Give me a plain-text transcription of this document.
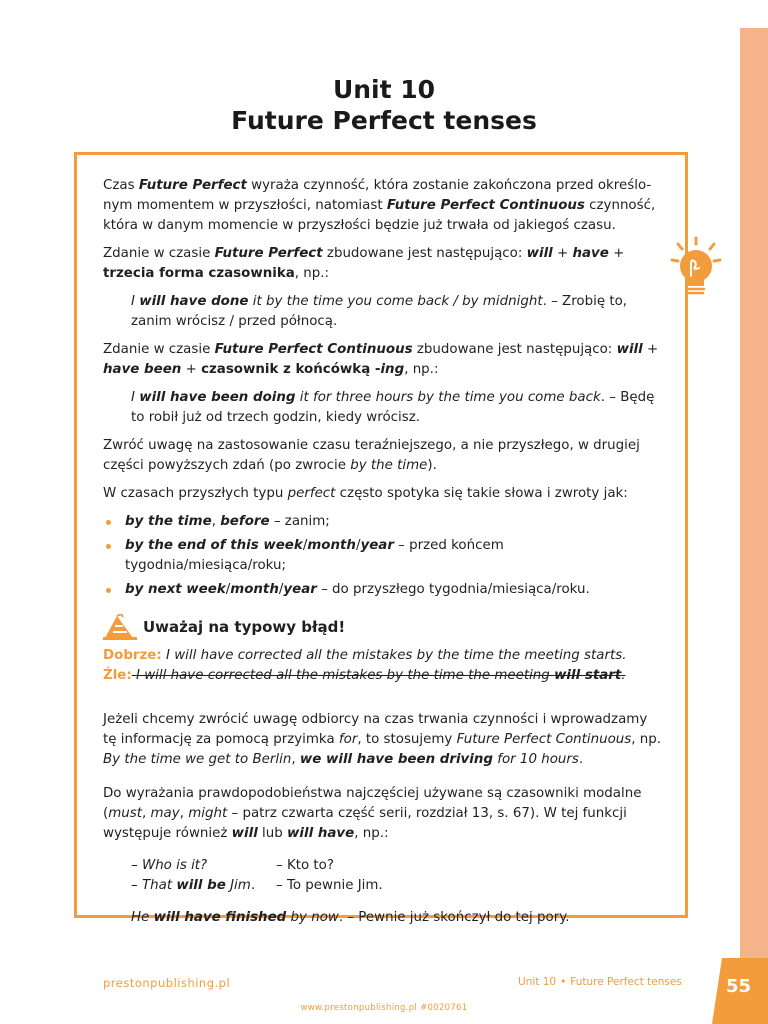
Unit 10
Future Perfect tenses

Czas Future Perfect wyraża czynność, która zostanie zakończona przed określo-nym momentem w przyszłości, natomiast Future Perfect Continuous czynność, która w danym momencie w przyszłości będzie już trwała od jakiegoś czasu.

Zdanie w czasie Future Perfect zbudowane jest następująco: will + have + trzecia forma czasownika, np.:

I will have done it by the time you come back / by midnight. – Zrobię to, zanim wrócisz / przed północą.

Zdanie w czasie Future Perfect Continuous zbudowane jest następująco: will + have been + czasownik z końcówką -ing, np.:

I will have been doing it for three hours by the time you come back. – Będę to robił już od trzech godzin, kiedy wrócisz.

Zwróć uwagę na zastosowanie czasu teraźniejszego, a nie przyszłego, w drugiej części powyższych zdań (po zwrocie by the time).

W czasach przyszłych typu perfect często spotyka się takie słowa i zwroty jak:

by the time, before – zanim;
by the end of this week/month/year – przed końcem tygodnia/miesiąca/roku;
by next week/month/year – do przyszłego tygodnia/miesiąca/roku.
Uważaj na typowy błąd!
Dobrze: I will have corrected all the mistakes by the time the meeting starts.
Źle: I will have corrected all the mistakes by the time the meeting will start.

Jeżeli chcemy zwrócić uwagę odbiorcy na czas trwania czynności i wprowadzamy tę informację za pomocą przyimka for, to stosujemy Future Perfect Continuous, np. By the time we get to Berlin, we will have been driving for 10 hours.

Do wyrażania prawdopodobieństwa najczęściej używane są czasowniki modalne (must, may, might – patrz czwarta część serii, rozdział 13, s. 67). W tej funkcji występuje również will lub will have, np.:

– Who is it?	– Kto to?
– That will be Jim.	– To pewnie Jim.

He will have finished by now. – Pewnie już skończył do tej pory.

prestonpublishing.pl	Unit 10 • Future Perfect tenses 55
www.prestonpublishing.pl #0020761
